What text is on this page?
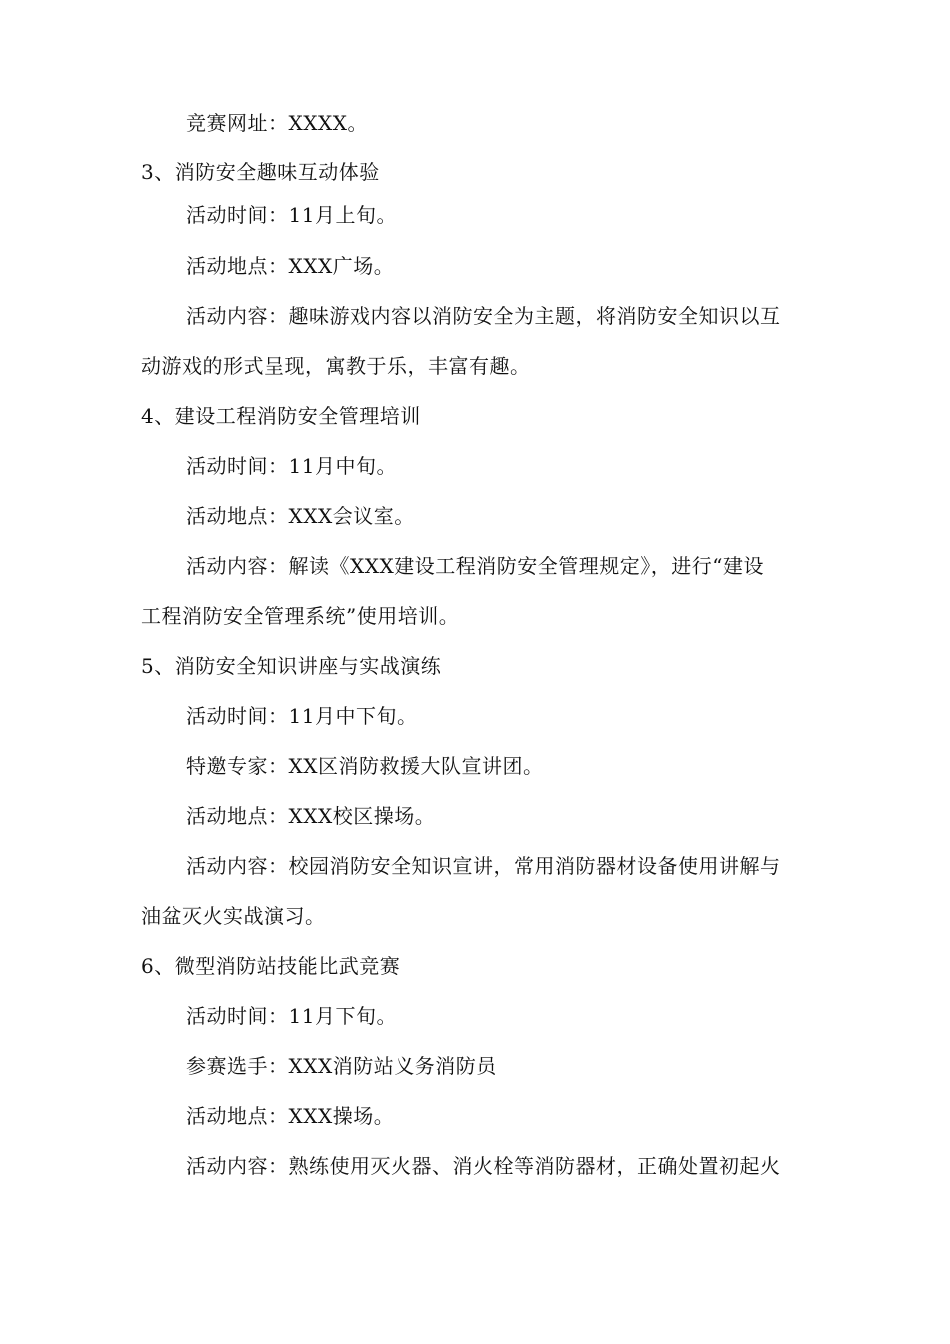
竞赛网址：XXXX。
3、消防安全趣味互动体验
活动时间：11月上旬。
活动地点：XXX广场。
活动内容：趣味游戏内容以消防安全为主题，将消防安全知识以互
动游戏的形式呈现，寓教于乐，丰富有趣。
4、建设工程消防安全管理培训
活动时间：11月中旬。
活动地点：XXX会议室。
活动内容：解读《XXX建设工程消防安全管理规定》，进行“建设
工程消防安全管理系统”使用培训。
5、消防安全知识讲座与实战演练
活动时间：11月中下旬。
特邀专家：XX区消防救援大队宣讲团。
活动地点：XXX校区操场。
活动内容：校园消防安全知识宣讲，常用消防器材设备使用讲解与
油盆灭火实战演习。
6、微型消防站技能比武竞赛
活动时间：11月下旬。
参赛选手：XXX消防站义务消防员
活动地点：XXX操场。
活动内容：熟练使用灭火器、消火栓等消防器材，正确处置初起火
